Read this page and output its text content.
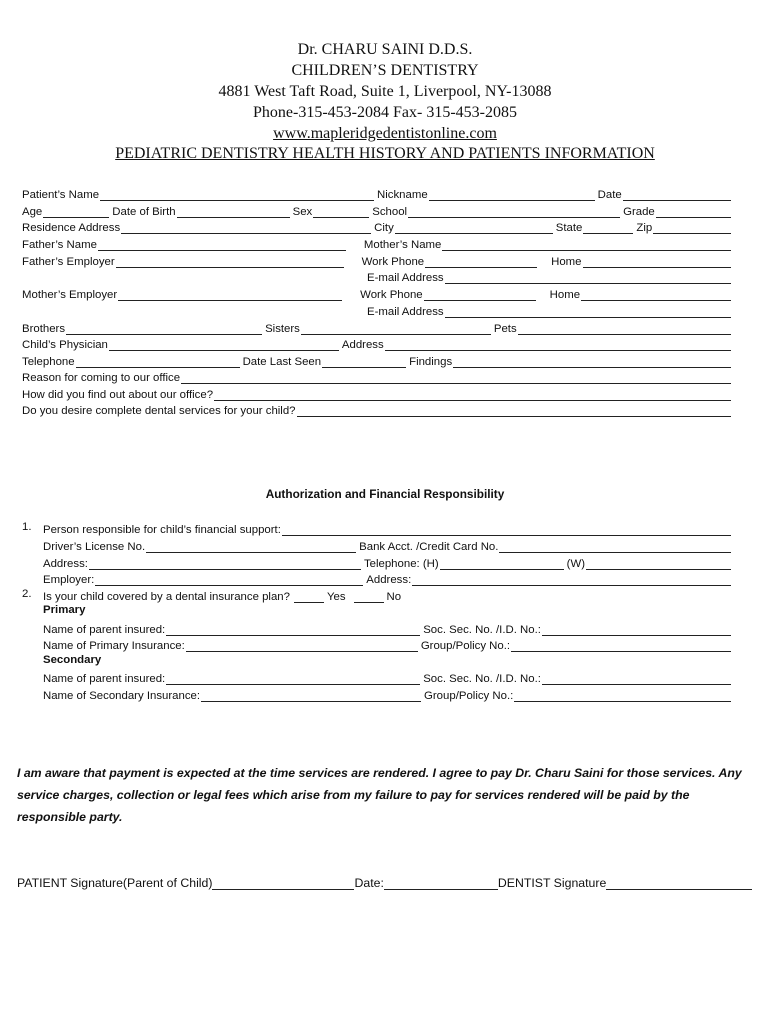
Dr. CHARU SAINI D.D.S.
CHILDREN’S DENTISTRY
4881 West Taft Road, Suite 1, Liverpool, NY-13088
Phone-315-453-2084 Fax- 315-453-2085
www.mapleridgedentistonline.com
PEDIATRIC DENTISTRY HEALTH HISTORY AND PATIENTS INFORMATION
Patient’s Name	Nickname	Date
Age	Date of Birth	Sex	School	Grade
Residence Address	City	State	Zip
Father’s Name	Mother’s Name
Father’s Employer	Work Phone	Home
E-mail Address
Mother’s Employer	Work Phone	Home
E-mail Address
Brothers	Sisters	Pets
Child’s Physician	Address
Telephone	Date Last Seen	Findings
Reason for coming to our office
How did you find out about our office?
Do you desire complete dental services for your child?
Authorization and Financial Responsibility
1. Person responsible for child’s financial support:
Driver’s License No.	Bank Acct. /Credit Card No.
Address:	Telephone: (H)	(W)
Employer:	Address:
2. Is your child covered by a dental insurance plan?	Yes	No
Primary
Name of parent insured:	Soc. Sec. No. /I.D. No.:
Name of Primary Insurance:	Group/Policy No.:
Secondary
Name of parent insured:	Soc. Sec. No. /I.D. No.:
Name of Secondary Insurance:	Group/Policy No.:
I am aware that payment is expected at the time services are rendered. I agree to pay Dr. Charu Saini for those services. Any service charges, collection or legal fees which arise from my failure to pay for services rendered will be paid by the responsible party.
PATIENT Signature(Parent of Child)	Date:	DENTIST Signature
